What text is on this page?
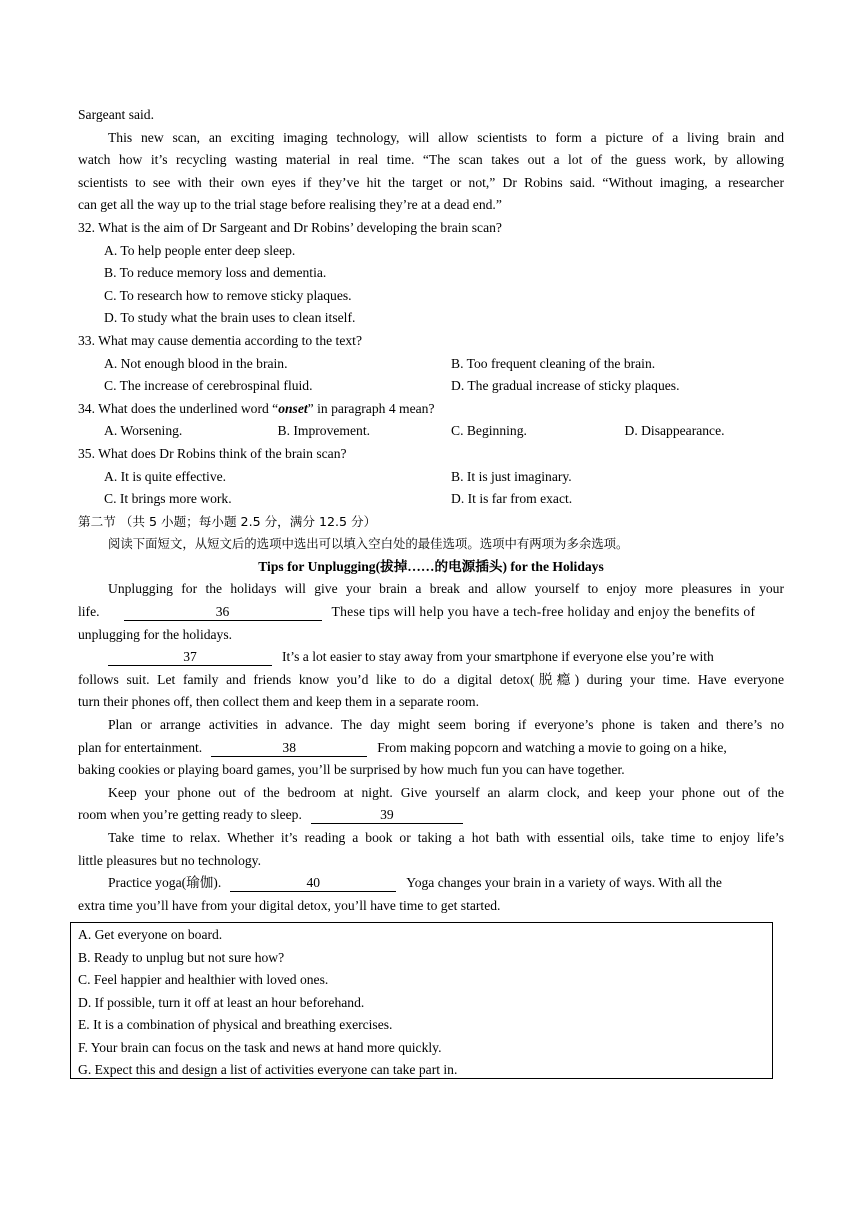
Sargeant said.
This new scan, an exciting imaging technology, will allow scientists to form a picture of a living brain and
watch how it’s recycling wasting material in real time. “The scan takes out a lot of the guess work, by allowing
scientists to see with their own eyes if they’ve hit the target or not,” Dr Robins said. “Without imaging, a researcher
can get all the way up to the trial stage before realising they’re at a dead end.”
32. What is the aim of Dr Sargeant and Dr Robins’ developing the brain scan?
A. To help people enter deep sleep.
B. To reduce memory loss and dementia.
C. To research how to remove sticky plaques.
D. To study what the brain uses to clean itself.
33. What may cause dementia according to the text?
A. Not enough blood in the brain.	B. Too frequent cleaning of the brain.
C. The increase of cerebrospinal fluid.	D. The gradual increase of sticky plaques.
34. What does the underlined word “onset” in paragraph 4 mean?
A. Worsening.	B. Improvement.	C. Beginning.	D. Disappearance.
35. What does Dr Robins think of the brain scan?
A. It is quite effective.	B. It is just imaginary.
C. It brings more work.	D. It is far from exact.
第二节 （共 5 小题；每小题 2.5 分，满分 12.5 分）
阅读下面短文，从短文后的选项中选出可以填入空白处的最佳选项。选项中有两项为多余选项。
Tips for Unplugging(拔掉……的电源插头) for the Holidays
Unplugging for the holidays will give your brain a break and allow yourself to enjoy more pleasures in your
life.	36	These tips will help you have a tech-free holiday and enjoy the benefits of
unplugging for the holidays.
37	It’s a lot easier to stay away from your smartphone if everyone else you’re with
follows suit. Let family and friends know you’d like to do a digital detox(脱瘾) during your time. Have everyone
turn their phones off, then collect them and keep them in a separate room.
Plan or arrange activities in advance. The day might seem boring if everyone’s phone is taken and there’s no
plan for entertainment.	38	From making popcorn and watching a movie to going on a hike,
baking cookies or playing board games, you’ll be surprised by how much fun you can have together.
Keep your phone out of the bedroom at night. Give yourself an alarm clock, and keep your phone out of the
room when you’re getting ready to sleep.	39
Take time to relax. Whether it’s reading a book or taking a hot bath with essential oils, take time to enjoy life’s
little pleasures but no technology.
Practice yoga(瑜伽).	40	Yoga changes your brain in a variety of ways. With all the
extra time you’ll have from your digital detox, you’ll have time to get started.
A. Get everyone on board.
B. Ready to unplug but not sure how?
C. Feel happier and healthier with loved ones.
D. If possible, turn it off at least an hour beforehand.
E. It is a combination of physical and breathing exercises.
F. Your brain can focus on the task and news at hand more quickly.
G. Expect this and design a list of activities everyone can take part in.
